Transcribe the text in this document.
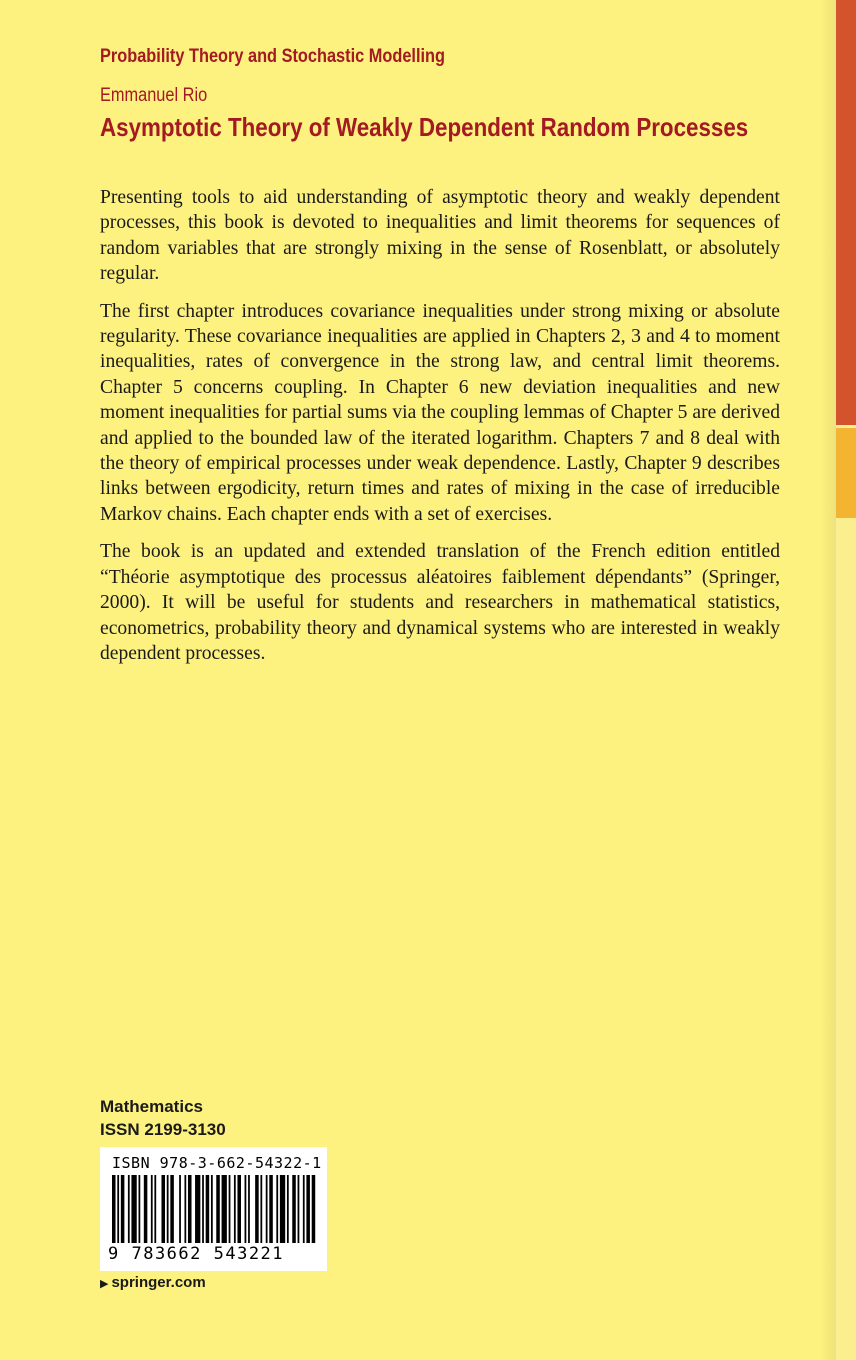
Probability Theory and Stochastic Modelling
Emmanuel Rio
Asymptotic Theory of Weakly Dependent Random Processes

Presenting tools to aid understanding of asymptotic theory and weakly dependent processes, this book is devoted to inequalities and limit theorems for sequences of random variables that are strongly mixing in the sense of Rosenblatt, or absolutely regular.

The first chapter introduces covariance inequalities under strong mixing or absolute regularity. These covariance inequalities are applied in Chapters 2, 3 and 4 to moment inequalities, rates of convergence in the strong law, and central limit theorems. Chapter 5 concerns coupling. In Chapter 6 new deviation inequalities and new moment inequalities for partial sums via the coupling lemmas of Chapter 5 are derived and applied to the bounded law of the iterated logarithm. Chapters 7 and 8 deal with the theory of empirical processes under weak dependence. Lastly, Chapter 9 describes links between ergodicity, return times and rates of mixing in the case of irreducible Markov chains. Each chapter ends with a set of exercises.

The book is an updated and extended translation of the French edition entitled “Théorie asymptotique des processus aléatoires faiblement dépendants” (Springer, 2000). It will be useful for students and researchers in mathematical statistics, econometrics, probability theory and dynamical systems who are interested in weakly dependent processes.

Mathematics
ISSN 2199-3130
ISBN 978-3-662-54322-1
9 783662 543221
▶ springer.com
